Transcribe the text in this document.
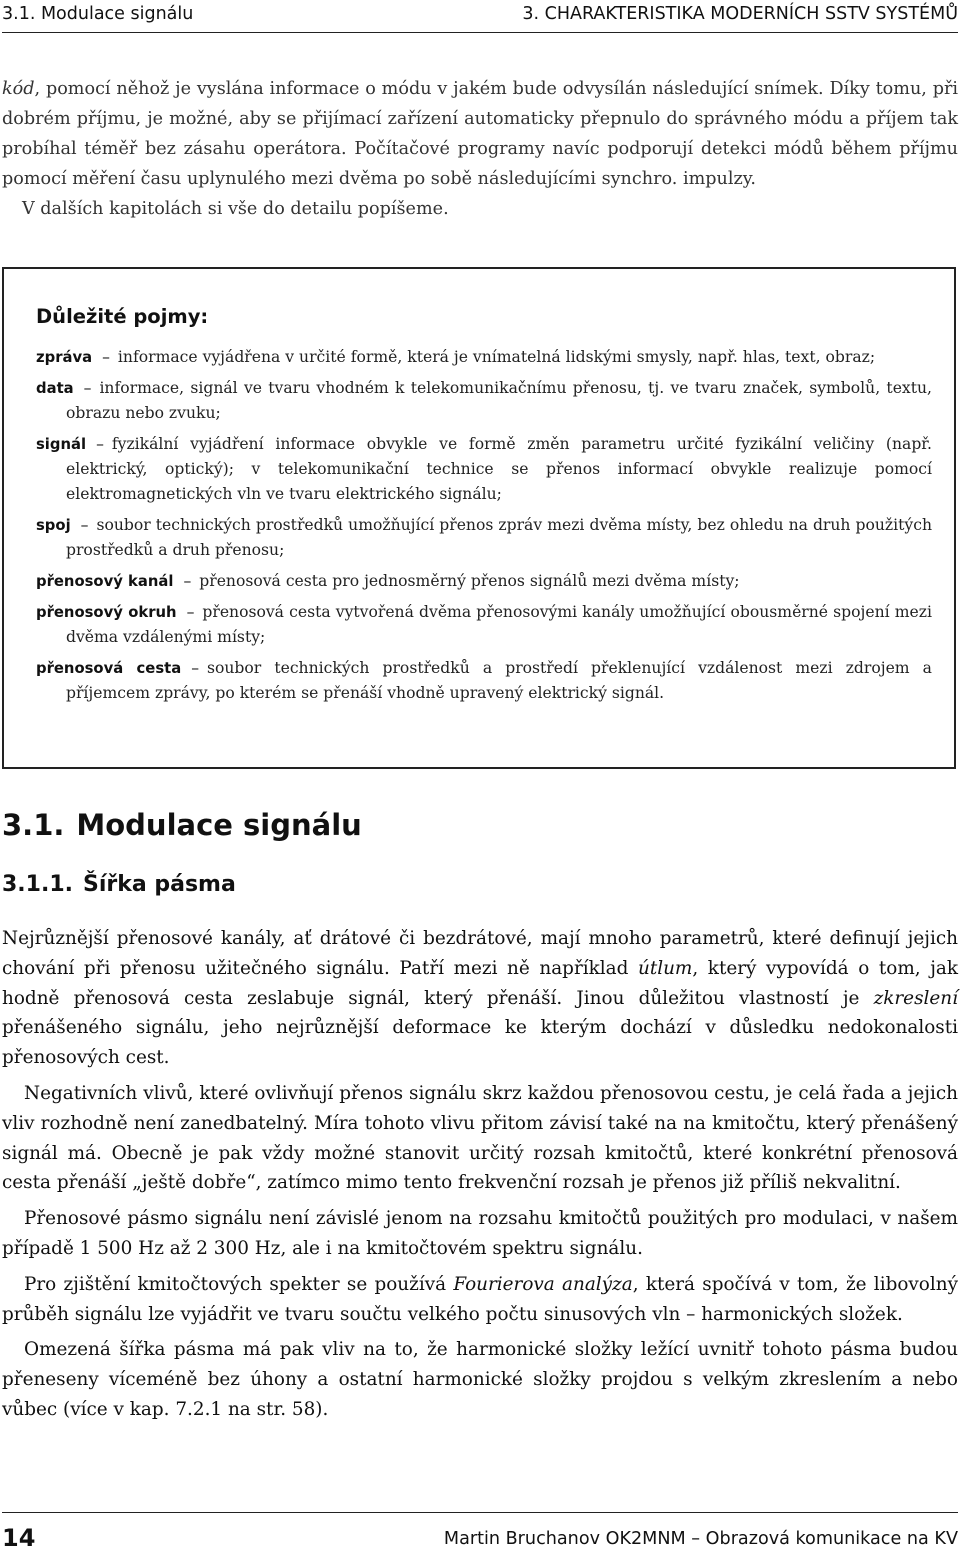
3.1. Modulace signálu	3. CHARAKTERISTIKA MODERNÍCH SSTV SYSTÉMŮ

kód, pomocí něhož je vyslána informace o módu v jakém bude odvysílán následující snímek. Díky tomu, při dobrém příjmu, je možné, aby se přijímací zařízení automaticky přepnulo do správného módu a příjem tak probíhal téměř bez zásahu operátora. Počítačové programy navíc podporují detekci módů během příjmu pomocí měření času uplynulého mezi dvěma po sobě následujícími synchro. impulzy.

V dalších kapitolách si vše do detailu popíšeme.

Důležité pojmy:
zpráva – informace vyjádřena v určité formě, která je vnímatelná lidskými smysly, např. hlas, text, obraz;
data – informace, signál ve tvaru vhodném k telekomunikačnímu přenosu, tj. ve tvaru značek, symbolů, textu, obrazu nebo zvuku;
signál – fyzikální vyjádření informace obvykle ve formě změn parametru určité fyzikální veličiny (např. elektrický, optický); v telekomunikační technice se přenos informací obvykle realizuje pomocí elektromagnetických vln ve tvaru elektrického signálu;
spoj – soubor technických prostředků umožňující přenos zpráv mezi dvěma místy, bez ohledu na druh použitých prostředků a druh přenosu;
přenosový kanál – přenosová cesta pro jednosměrný přenos signálů mezi dvěma místy;
přenosový okruh – přenosová cesta vytvořená dvěma přenosovými kanály umožňující obousměrné spojení mezi dvěma vzdálenými místy;
přenosová cesta – soubor technických prostředků a prostředí překlenující vzdálenost mezi zdrojem a příjemcem zprávy, po kterém se přenáší vhodně upravený elektrický signál.
3.1. Modulace signálu
3.1.1. Šířka pásma

Nejrůznější přenosové kanály, ať drátové či bezdrátové, mají mnoho parametrů, které definují jejich chování při přenosu užitečného signálu. Patří mezi ně například útlum, který vypovídá o tom, jak hodně přenosová cesta zeslabuje signál, který přenáší. Jinou důležitou vlastností je zkreslení přenášeného signálu, jeho nejrůznější deformace ke kterým dochází v důsledku nedokonalosti přenosových cest.

Negativních vlivů, které ovlivňují přenos signálu skrz každou přenosovou cestu, je celá řada a jejich vliv rozhodně není zanedbatelný. Míra tohoto vlivu přitom závisí také na na kmitočtu, který přenášený signál má. Obecně je pak vždy možné stanovit určitý rozsah kmitočtů, které konkrétní přenosová cesta přenáší „ještě dobře“, zatímco mimo tento frekvenční rozsah je přenos již příliš nekvalitní.

Přenosové pásmo signálu není závislé jenom na rozsahu kmitočtů použitých pro modulaci, v našem případě 1 500 Hz až 2 300 Hz, ale i na kmitočtovém spektru signálu.

Pro zjištění kmitočtových spekter se používá Fourierova analýza, která spočívá v tom, že libovolný průběh signálu lze vyjádřit ve tvaru součtu velkého počtu sinusových vln – harmonických složek.

Omezená šířka pásma má pak vliv na to, že harmonické složky ležící uvnitř tohoto pásma budou přeneseny víceméně bez úhony a ostatní harmonické složky projdou s velkým zkreslením a nebo vůbec (více v kap. 7.2.1 na str. 58).

14	Martin Bruchanov OK2MNM – Obrazová komunikace na KV
